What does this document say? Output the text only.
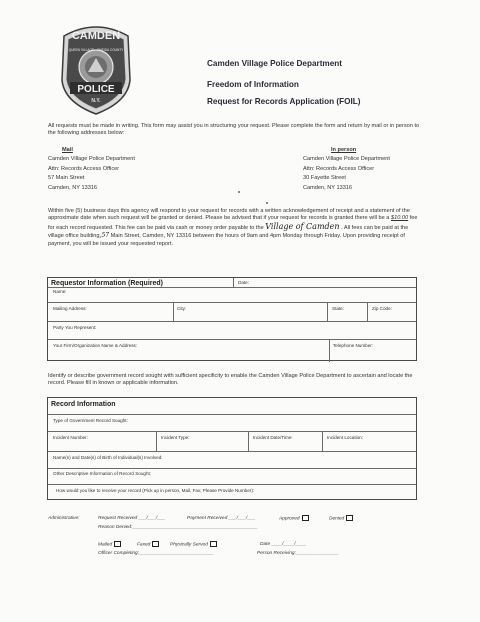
CAMDEN
QUEEN VILLAGE · ONEIDA COUNTY
POLICE
N.Y.
Camden Village Police Department
Freedom of Information
Request for Records Application (FOIL)
All requests must be made in writing. This form may assist you in structuring your request. Please complete the form and return by mail or in person to the following addresses below:
Mail
Camden Village Police Department
Attn: Records Access Officer
57 Main Street
Camden, NY 13316
In person
Camden Village Police Department
Attn: Records Access Officer
30 Fayette Street
Camden, NY 13316
Within five (5) business days this agency will respond to your request for records with a written acknowledgement of receipt and a statement of the approximate date when such request will be granted or denied. Please be advised that if your request for records is granted there will be a $10.00 fee for each record requested. This fee can be paid via cash or money order payable to the Village of Camden . All fees can be paid at the village office building,57 Main Street, Camden, NY 13316 between the hours of 9am and 4pm Monday through Friday. Upon providing receipt of payment, you will be issued your requested report.
Requestor Information (Required)	Date:
Name:
Mailing Address:	City:	State:	Zip Code:
Party You Represent:
Your Firm/Organization Name & Address:	Telephone Number:
Identify or describe government record sought with sufficient specificity to enable the Camden Village Police Department to ascertain and locate the record. Please fill in known or applicable information.
Record Information
Type of Government Record Sought:
Incident Number:	Incident Type:	Incident Date/Time:	Incident Location:
Name(s) and Date(s) of Birth of Individual(s) Involved:
Other Descriptive Information of Record Sought:
How would you like to receive your record (Pick up in person, Mail, Fax; Please Provide Number):
Administrative:	Request Received ___/___/___	Payment Received ___/___/___	Approved	Denied
Reason Denied:_______________________________________________
Mailed	Faxed	Physically Served	Date ____/____/____
Officer Completing:____________________________	Person Receiving:________________
